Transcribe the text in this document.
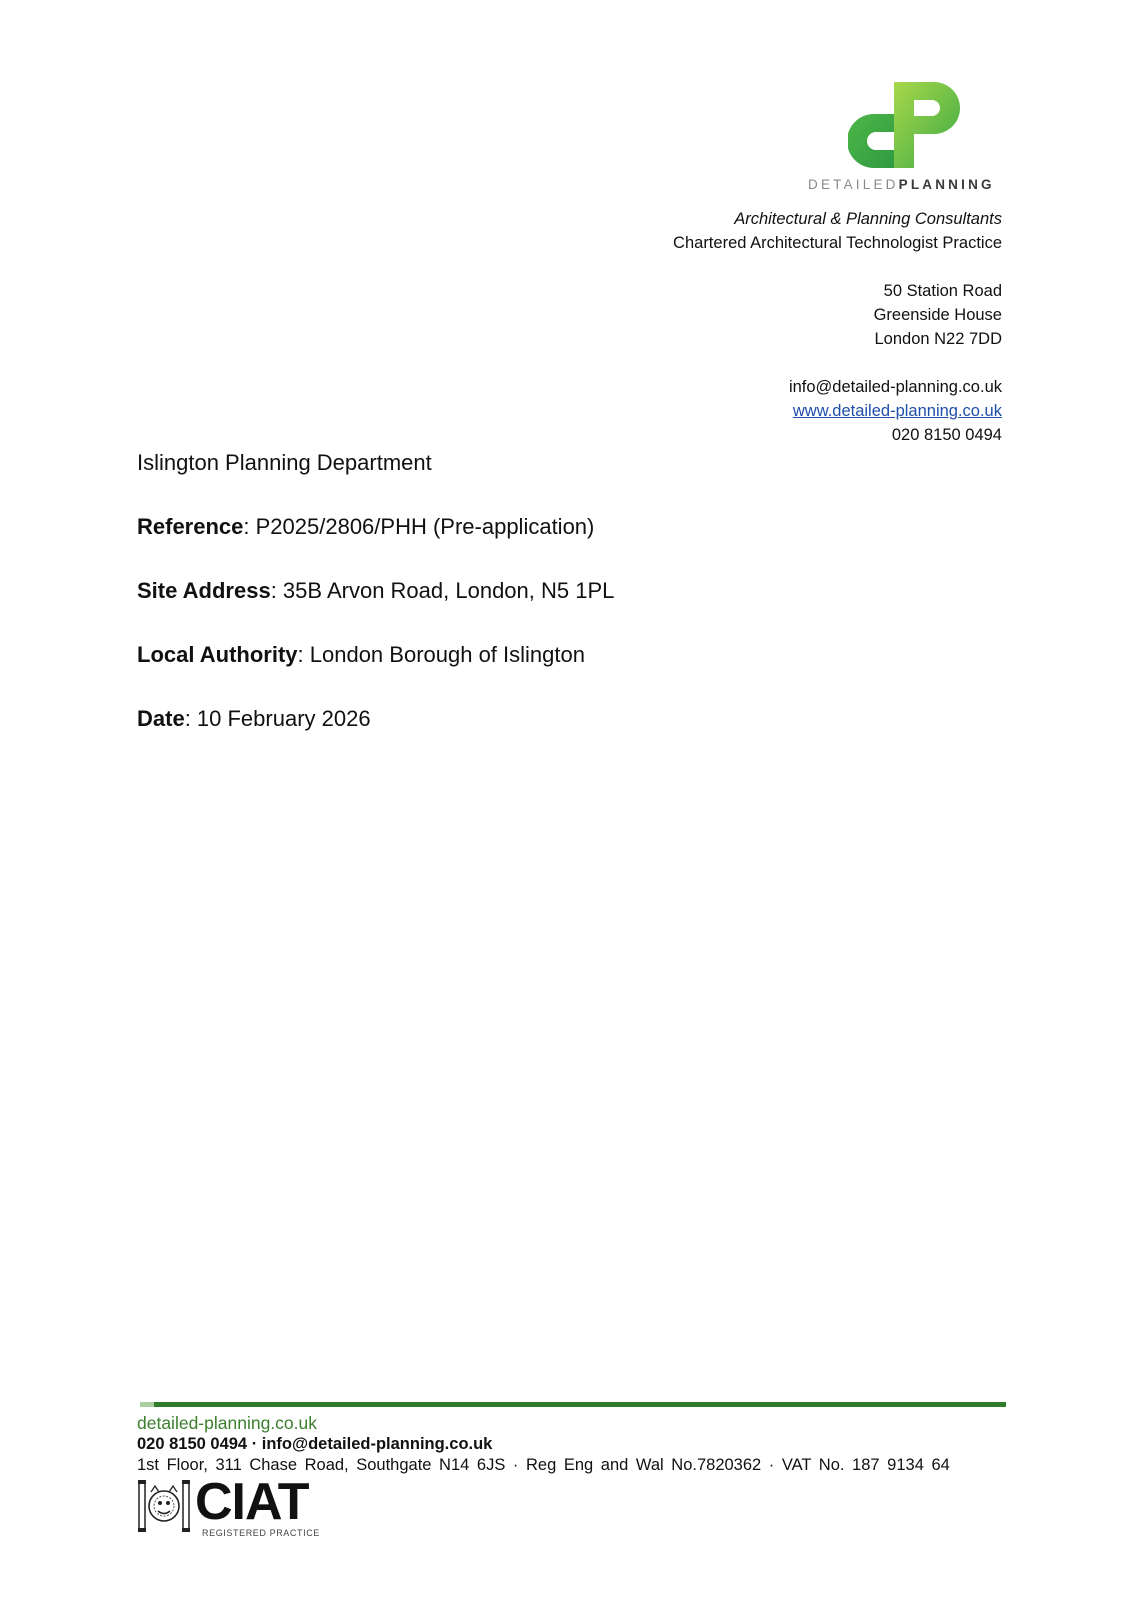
DETAILEDPLANNING
Architectural & Planning Consultants
Chartered Architectural Technologist Practice
50 Station Road
Greenside House
London N22 7DD
info@detailed-planning.co.uk
www.detailed-planning.co.uk
020 8150 0494

Islington Planning Department

Reference: P2025/2806/PHH (Pre-application)

Site Address: 35B Arvon Road, London, N5 1PL

Local Authority: London Borough of Islington

Date: 10 February 2026

detailed-planning.co.uk
020 8150 0494 · info@detailed-planning.co.uk
1st Floor, 311 Chase Road, Southgate N14 6JS · Reg Eng and Wal No.7820362 · VAT No. 187 9134 64
CIAT
REGISTERED PRACTICE
